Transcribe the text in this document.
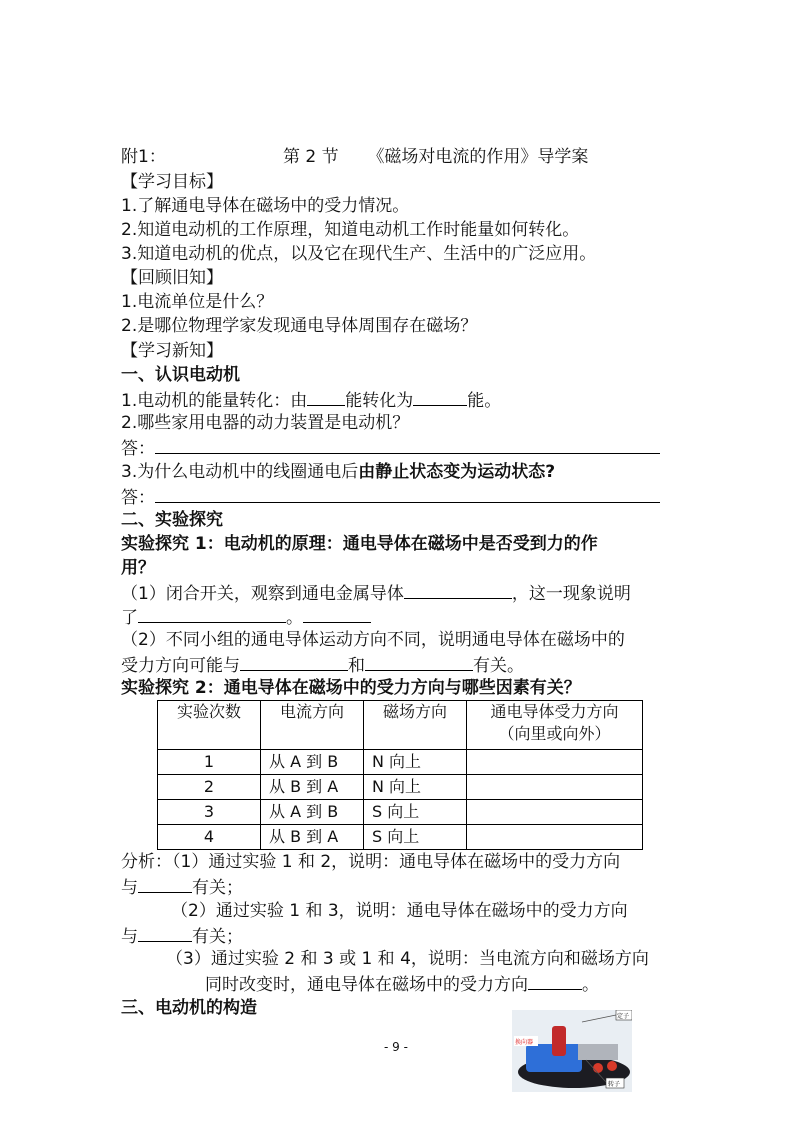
附1：	第 2 节 《磁场对电流的作用》导学案
【学习目标】
1.了解通电导体在磁场中的受力情况。
2.知道电动机的工作原理，知道电动机工作时能量如何转化。
3.知道电动机的优点，以及它在现代生产、生活中的广泛应用。
【回顾旧知】
1.电流单位是什么？
2.是哪位物理学家发现通电导体周围存在磁场？
【学习新知】
一、认识电动机
1.电动机的能量转化：由 能转化为	能。
2.哪些家用电器的动力装置是电动机？
答：
3.为什么电动机中的线圈通电后由静止状态变为运动状态?
答：
二、实验探究
实验探究 1：电动机的原理：通电导体在磁场中是否受到力的作
用？
（1）闭合开关，观察到通电金属导体	，这一现象说明
了	。
（2）不同小组的通电导体运动方向不同，说明通电导体在磁场中的
受力方向可能与	和	有关。
实验探究 2：通电导体在磁场中的受力方向与哪些因素有关？
实验次数	电流方向	磁场方向	通电导体受力方向
（向里或向外）

1	从 A 到 B	N 向上	
2	从 B 到 A	N 向上	
3	从 A 到 B	S 向上	
4	从 B 到 A	S 向上	
分析：（1）通过实验 1 和 2，说明：通电导体在磁场中的受力方向
与	有关；
（2）通过实验 1 和 3，说明：通电导体在磁场中的受力方向
与	有关；
（3）通过实验 2 和 3 或 1 和 4，说明：当电流方向和磁场方向
同时改变时，通电导体在磁场中的受力方向	。
三、电动机的构造
- 9 -
定子
换向器
转子
